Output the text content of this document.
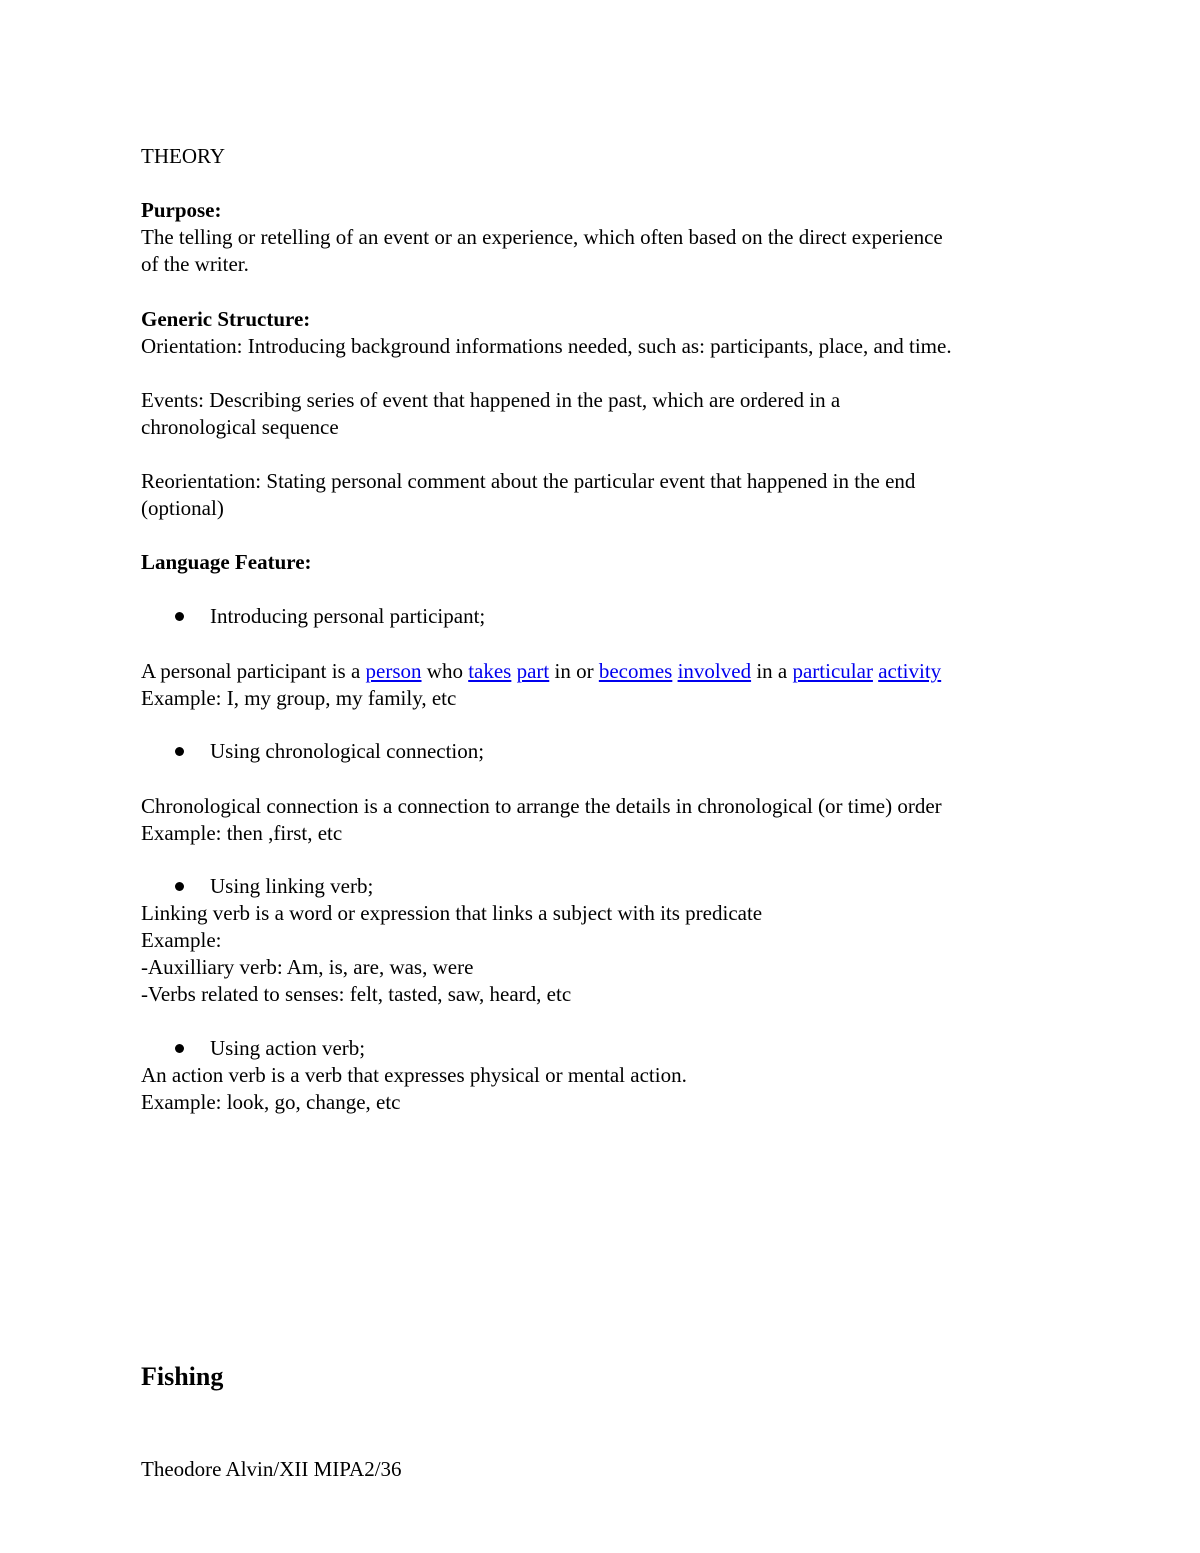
THEORY
Purpose:
The telling or retelling of an event or an experience, which often based on the direct experience
of the writer.
Generic Structure:
Orientation: Introducing background informations needed, such as: participants, place, and time.
Events: Describing series of event that happened in the past, which are ordered in a
chronological sequence
Reorientation: Stating personal comment about the particular event that happened in the end
(optional)
Language Feature:
Introducing personal participant;
A personal participant is a person who takes part in or becomes involved in a particular activity
Example: I, my group, my family, etc
Using chronological connection;
Chronological connection is a connection to arrange the details in chronological (or time) order
Example: then ,first, etc
Using linking verb;
Linking verb is a word or expression that links a subject with its predicate
Example:
-Auxilliary verb: Am, is, are, was, were
-Verbs related to senses: felt, tasted, saw, heard, etc
Using action verb;
An action verb is a verb that expresses physical or mental action.
Example: look, go, change, etc
Fishing
Theodore Alvin/XII MIPA2/36
